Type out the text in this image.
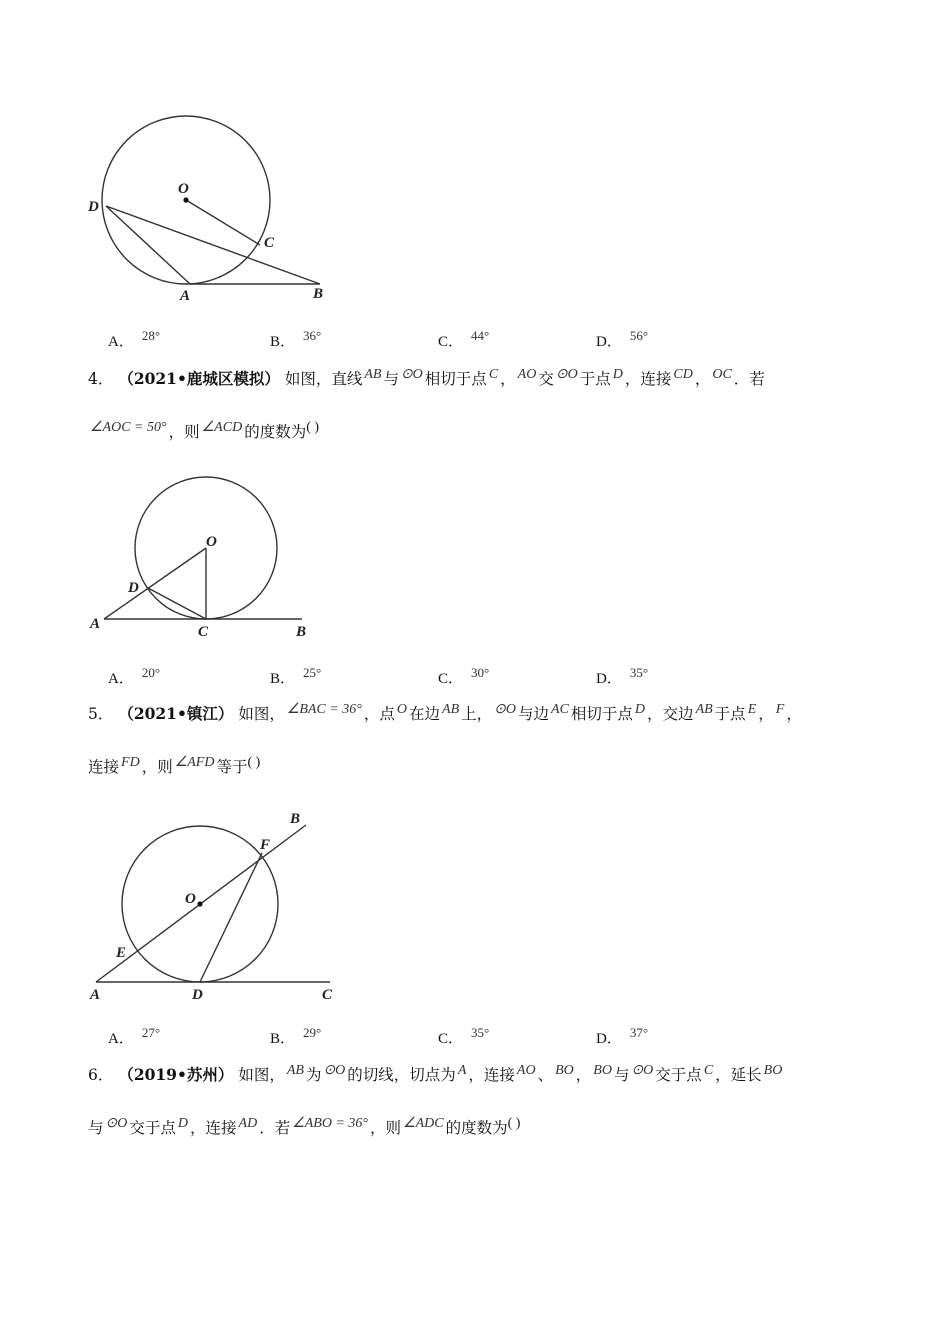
O
D
C
A	B
A． 28°	B． 36°	C． 44°	D． 56°
4． （2021•鹿城区模拟） 如图，直线 AB 与 ⊙O 相切于点 C ， AO 交 ⊙O 于点 D ，连接 CD ， OC ．若
∠AOC = 50° ，则 ∠ACD 的度数为( )
O
D
A	C	B
A． 20°	B． 25°	C． 30°	D． 35°
5． （2021•镇江） 如图， ∠BAC = 36° ，点 O 在边 AB 上， ⊙O 与边 AC 相切于点 D ，交边 AB 于点 E ， F ，
连接 FD ，则 ∠AFD 等于( )
B
F
O
E
A	D	C
A． 27°	B． 29°	C． 35°	D． 37°
6． （2019•苏州） 如图， AB 为 ⊙O 的切线，切点为 A ，连接 AO 、 BO ， BO 与 ⊙O 交于点 C ，延长 BO
与 ⊙O 交于点 D ，连接 AD ．若 ∠ABO = 36° ，则 ∠ADC 的度数为( )
